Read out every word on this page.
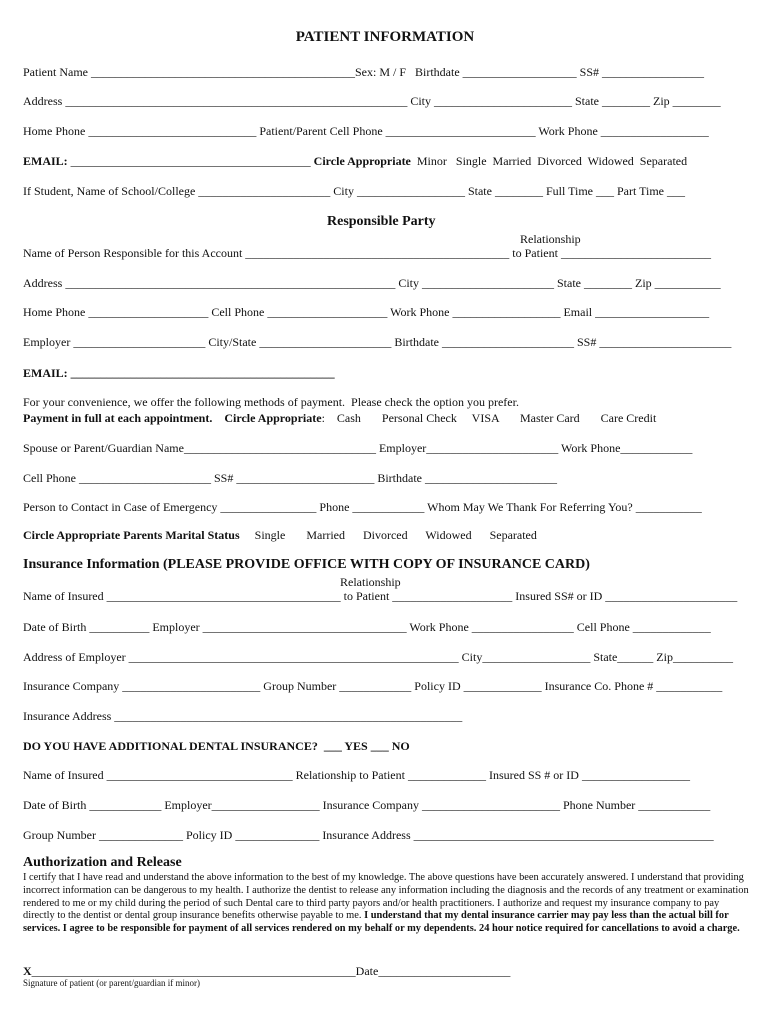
PATIENT INFORMATION
Patient Name ____________________________________________Sex: M / F   Birthdate ___________________ SS# _________________
Address _________________________________________________________ City _______________________ State ________ Zip ________
Home Phone ____________________________ Patient/Parent Cell Phone _________________________ Work Phone __________________
EMAIL: ________________________________________ Circle Appropriate  Minor   Single  Married  Divorced  Widowed  Separated
If Student, Name of School/College ______________________ City __________________ State ________ Full Time ___ Part Time ___
Responsible Party
Relationship
Name of Person Responsible for this Account ____________________________________________ to Patient _________________________
Address _______________________________________________________ City ______________________ State ________ Zip ___________
Home Phone ____________________ Cell Phone ____________________ Work Phone __________________ Email ___________________
Employer ______________________ City/State ______________________ Birthdate ______________________ SS# ______________________
EMAIL: ____________________________________________
For your convenience, we offer the following methods of payment.  Please check the option you prefer.
Payment in full at each appointment. Circle Appropriate:    Cash       Personal Check     VISA       Master Card       Care Credit
Spouse or Parent/Guardian Name________________________________ Employer______________________ Work Phone____________
Cell Phone ______________________ SS# _______________________ Birthdate ______________________
Person to Contact in Case of Emergency ________________ Phone ____________ Whom May We Thank For Referring You? ___________
Circle Appropriate Parents Marital Status     Single       Married      Divorced      Widowed      Separated
Insurance Information (PLEASE PROVIDE OFFICE WITH COPY OF INSURANCE CARD)
Relationship
Name of Insured _______________________________________ to Patient ____________________ Insured SS# or ID ______________________
Date of Birth __________ Employer __________________________________ Work Phone _________________ Cell Phone _____________
Address of Employer _______________________________________________________ City__________________ State______ Zip__________
Insurance Company _______________________ Group Number ____________ Policy ID _____________ Insurance Co. Phone # ___________
Insurance Address __________________________________________________________
DO YOU HAVE ADDITIONAL DENTAL INSURANCE?  ___ YES ___ NO
Name of Insured _______________________________ Relationship to Patient _____________ Insured SS # or ID __________________
Date of Birth ____________ Employer__________________ Insurance Company _______________________ Phone Number ____________
Group Number ______________ Policy ID ______________ Insurance Address __________________________________________________
Authorization and Release
I certify that I have read and understand the above information to the best of my knowledge. The above questions have been accurately answered. I understand that providing incorrect information can be dangerous to my health. I authorize the dentist to release any information including the diagnosis and the records of any treatment or examination rendered to me or my child during the period of such Dental care to third party payors and/or health practitioners. I authorize and request my insurance company to pay directly to the dentist or dental group insurance benefits otherwise payable to me. I understand that my dental insurance carrier may pay less than the actual bill for services. I agree to be responsible for payment of all services rendered on my behalf or my dependents. 24 hour notice required for cancellations to avoid a charge.
X______________________________________________________Date______________________
Signature of patient (or parent/guardian if minor)
